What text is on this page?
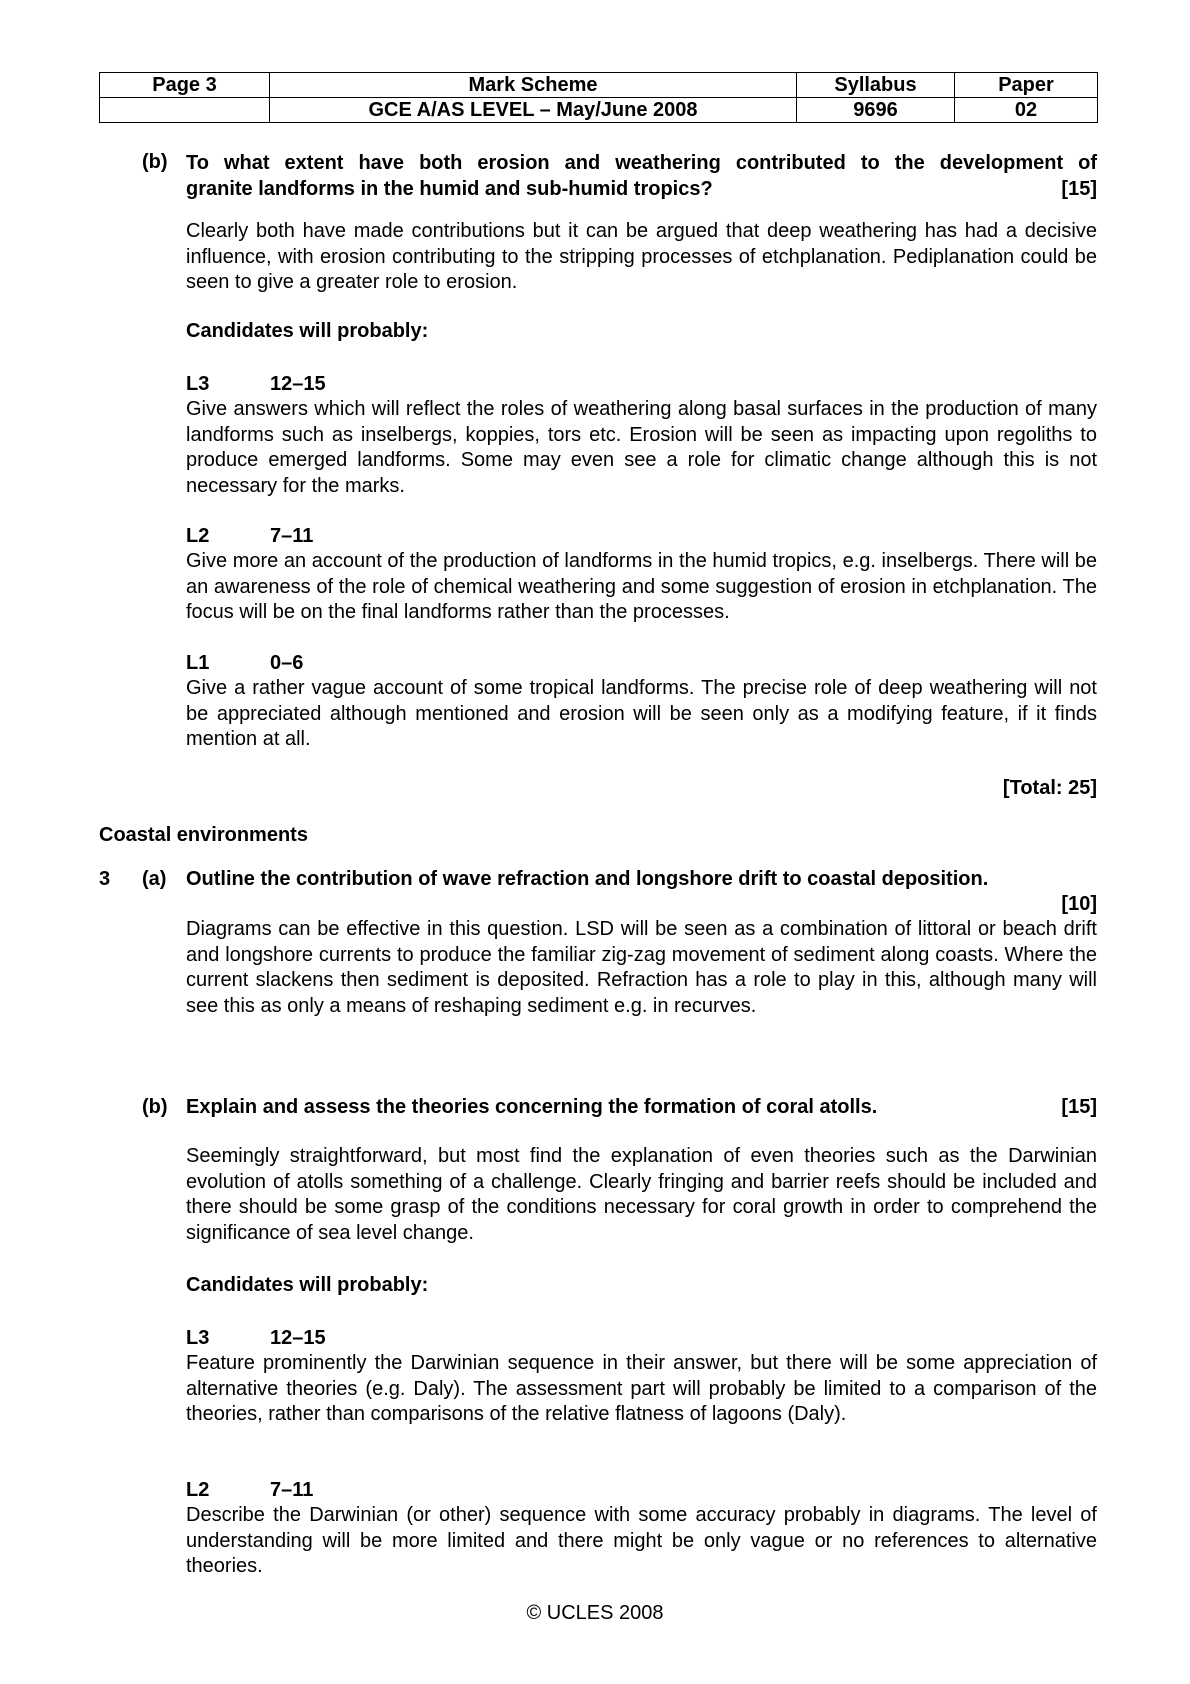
Page 3	Mark Scheme	Syllabus	Paper
	GCE A/AS LEVEL – May/June 2008	9696	02
(b) To what extent have both erosion and weathering contributed to the development of
granite landforms in the humid and sub-humid tropics?	[15]
Clearly both have made contributions but it can be argued that deep weathering has had a decisive influence, with erosion contributing to the stripping processes of etchplanation. Pediplanation could be seen to give a greater role to erosion.
Candidates will probably:
L3	12–15
Give answers which will reflect the roles of weathering along basal surfaces in the production of many landforms such as inselbergs, koppies, tors etc. Erosion will be seen as impacting upon regoliths to produce emerged landforms. Some may even see a role for climatic change although this is not necessary for the marks.
L2	7–11
Give more an account of the production of landforms in the humid tropics, e.g. inselbergs. There will be an awareness of the role of chemical weathering and some suggestion of erosion in etchplanation. The focus will be on the final landforms rather than the processes.
L1	0–6
Give a rather vague account of some tropical landforms. The precise role of deep weathering will not be appreciated although mentioned and erosion will be seen only as a modifying feature, if it finds mention at all.
[Total: 25]
Coastal environments
3 (a) Outline the contribution of wave refraction and longshore drift to coastal deposition.
[10]
Diagrams can be effective in this question. LSD will be seen as a combination of littoral or beach drift and longshore currents to produce the familiar zig-zag movement of sediment along coasts. Where the current slackens then sediment is deposited. Refraction has a role to play in this, although many will see this as only a means of reshaping sediment e.g. in recurves.
(b) Explain and assess the theories concerning the formation of coral atolls.	[15]
Seemingly straightforward, but most find the explanation of even theories such as the Darwinian evolution of atolls something of a challenge. Clearly fringing and barrier reefs should be included and there should be some grasp of the conditions necessary for coral growth in order to comprehend the significance of sea level change.
Candidates will probably:
L3	12–15
Feature prominently the Darwinian sequence in their answer, but there will be some appreciation of alternative theories (e.g. Daly). The assessment part will probably be limited to a comparison of the theories, rather than comparisons of the relative flatness of lagoons (Daly).
L2	7–11
Describe the Darwinian (or other) sequence with some accuracy probably in diagrams. The level of understanding will be more limited and there might be only vague or no references to alternative theories.
© UCLES 2008
